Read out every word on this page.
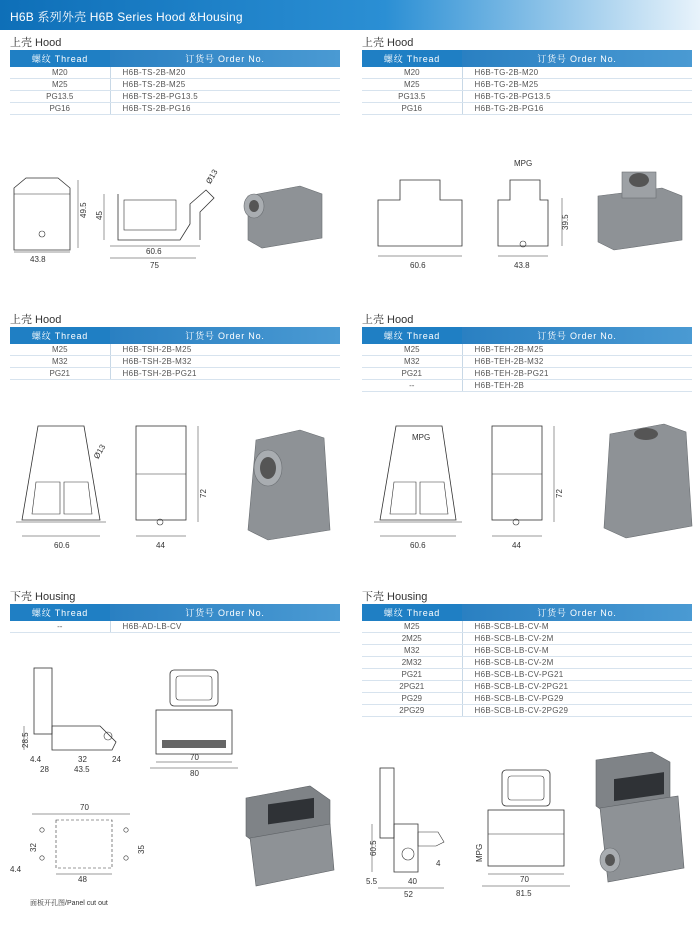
H6B 系列外壳 H6B Series Hood &Housing
上壳 Hood
螺纹 Thread	订货号 Order No.
M20	H6B-TS-2B-M20
M25	H6B-TS-2B-M25
PG13.5	H6B-TS-2B-PG13.5
PG16	H6B-TS-2B-PG16
43.8
49.5 45
60.6
75
Ø13
上壳 Hood
螺纹 Thread	订货号 Order No.
M20	H6B-TG-2B-M20
M25	H6B-TG-2B-M25
PG13.5	H6B-TG-2B-PG13.5
PG16	H6B-TG-2B-PG16
60.6
MPG
39.5
43.8
上壳 Hood
螺纹 Thread	订货号 Order No.
M25	H6B-TSH-2B-M25
M32	H6B-TSH-2B-M32
PG21	H6B-TSH-2B-PG21
Ø13
60.6
72
44
上壳 Hood
螺纹 Thread	订货号 Order No.
M25	H6B-TEH-2B-M25
M32	H6B-TEH-2B-M32
PG21	H6B-TEH-2B-PG21
--	H6B-TEH-2B
MPG
60.6
72
44
下壳 Housing
螺纹 Thread	订货号 Order No.
--	H6B-AD-LB-CV
28.5
4.4	32	24
28	43.5
70
80
70
32	35
4.4
48
面板开孔图/Panel cut out
下壳 Housing
螺纹 Thread	订货号 Order No.
M25	H6B-SCB-LB-CV-M
2M25	H6B-SCB-LB-CV-2M
M32	H6B-SCB-LB-CV-M
2M32	H6B-SCB-LB-CV-2M
PG21	H6B-SCB-LB-CV-PG21
2PG21	H6B-SCB-LB-CV-2PG21
PG29	H6B-SCB-LB-CV-PG29
2PG29	H6B-SCB-LB-CV-2PG29
60.5
5.5	40
4
52
MPG
70
81.5
